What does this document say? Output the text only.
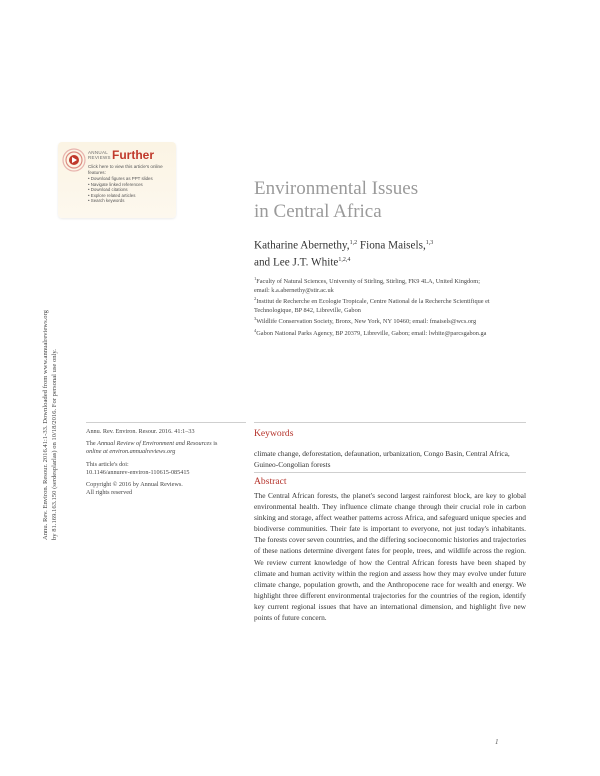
ANNUAL
REVIEWS Further
Click here to view this article's online features:
• Download figures as PPT slides
• Navigate linked references
• Download citations
• Explore related articles
• Search keywords
Annu. Rev. Environ. Resour. 2016.41:1-33. Downloaded from www.annualreviews.org by 81.169.163.150 (serdesplarlas) on 10/18/2016. For personal use only.
Environmental Issues
in Central Africa
Katharine Abernethy,$^{1,2}$ Fiona Maisels,$^{1,3}$
and Lee J.T. White$^{1,2,4}$
$^1$Faculty of Natural Sciences, University of Stirling, Stirling, FK9 4LA, United Kingdom;
email: k.a.abernethy@stir.ac.uk
$^2$Institut de Recherche en Ecologie Tropicale, Centre National de la Recherche Scientifique et
Technologique, BP 842, Libreville, Gabon
$^3$Wildlife Conservation Society, Bronx, New York, NY 10460; email: fmaisels@wcs.org
$^4$Gabon National Parks Agency, BP 20379, Libreville, Gabon; email: lwhite@parcsgabon.ga

Annu. Rev. Environ. Resour. 2016. 41:1–33

The Annual Review of Environment and Resources is
online at environ.annualreviews.org

This article's doi:
10.1146/annurev-environ-110615-085415

Copyright © 2016 by Annual Reviews.
All rights reserved

Keywords
climate change, deforestation, defaunation, urbanization, Congo Basin, Central Africa, Guineo-Congolian forests
Abstract
The Central African forests, the planet's second largest rainforest block, are key to global environmental health. They influence climate change through their crucial role in carbon sinking and storage, affect weather patterns across Africa, and safeguard unique species and biodiverse communities. Their fate is important to everyone, not just today's inhabitants. The forests cover seven countries, and the differing socioeconomic histories and trajectories of these nations determine divergent fates for people, trees, and wildlife across the region. We review current knowledge of how the Central African forests have been shaped by climate and human activity within the region and assess how they may evolve under future climate change, population growth, and the Anthropocene race for wealth and energy. We highlight three different environmental trajectories for the countries of the region, identify key current regional issues that have an international dimension, and highlight five new points of future concern.
1
